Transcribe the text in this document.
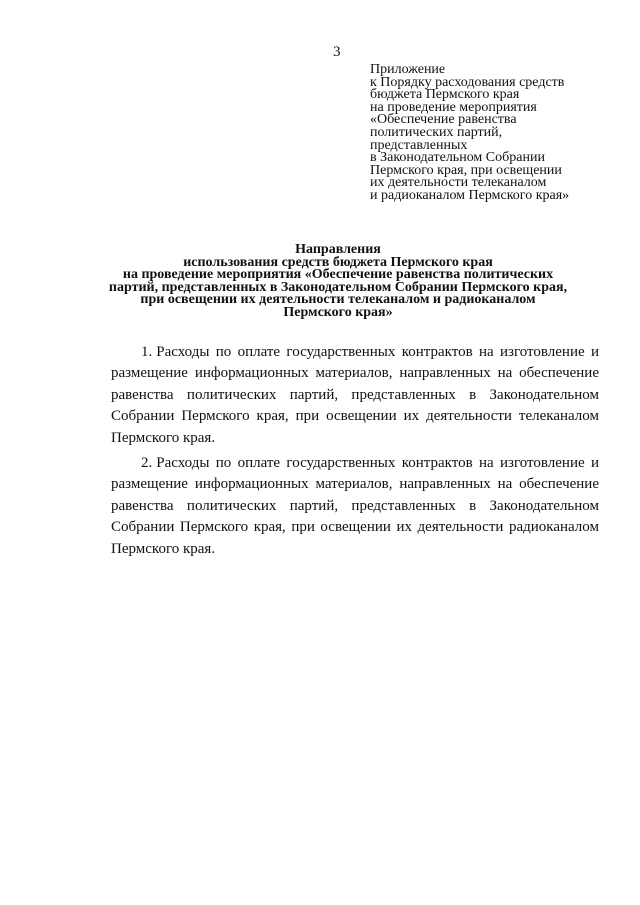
3
Приложение
к Порядку расходования средств
бюджета Пермского края
на проведение мероприятия
«Обеспечение равенства
политических партий,
представленных
в Законодательном Собрании
Пермского края, при освещении
их деятельности телеканалом
и радиоканалом Пермского края»
Направления
использования средств бюджета Пермского края
на проведение мероприятия «Обеспечение равенства политических
партий, представленных в Законодательном Собрании Пермского края,
при освещении их деятельности телеканалом и радиоканалом
Пермского края»

1. Расходы по оплате государственных контрактов на изготовление и размещение информационных материалов, направленных на обеспечение равенства политических партий, представленных в Законодательном Собрании Пермского края, при освещении их деятельности телеканалом Пермского края.

2. Расходы по оплате государственных контрактов на изготовление и размещение информационных материалов, направленных на обеспечение равенства политических партий, представленных в Законодательном Собрании Пермского края, при освещении их деятельности радиоканалом Пермского края.
